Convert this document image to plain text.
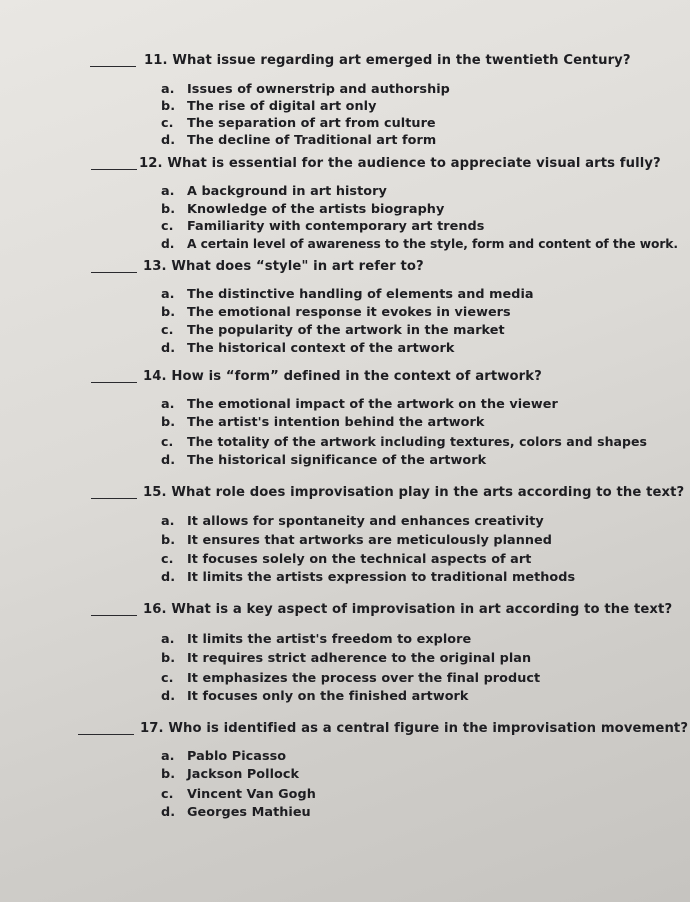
11. What issue regarding art emerged in the twentieth Century?
a. Issues of ownerstrip and authorship
b. The rise of digital art only
c. The separation of art from culture
d. The decline of Traditional art form
12. What is essential for the audience to appreciate visual arts fully?
a. A background in art history
b. Knowledge of the artists biography
c. Familiarity with contemporary art trends
d. A certain level of awareness to the style, form and content of the work.
13. What does “style" in art refer to?
a. The distinctive handling of elements and media
b. The emotional response it evokes in viewers
c. The popularity of the artwork in the market
d. The historical context of the artwork
14. How is “form” defined in the context of artwork?
a. The emotional impact of the artwork on the viewer
b. The artist's intention behind the artwork
c. The totality of the artwork including textures, colors and shapes
d. The historical significance of the artwork
15. What role does improvisation play in the arts according to the text?
a. It allows for spontaneity and enhances creativity
b. It ensures that artworks are meticulously planned
c. It focuses solely on the technical aspects of art
d. It limits the artists expression to traditional methods
16. What is a key aspect of improvisation in art according to the text?
a. It limits the artist's freedom to explore
b. It requires strict adherence to the original plan
c. It emphasizes the process over the final product
d. It focuses only on the finished artwork
17. Who is identified as a central figure in the improvisation movement?
a. Pablo Picasso
b. Jackson Pollock
c. Vincent Van Gogh
d. Georges Mathieu
